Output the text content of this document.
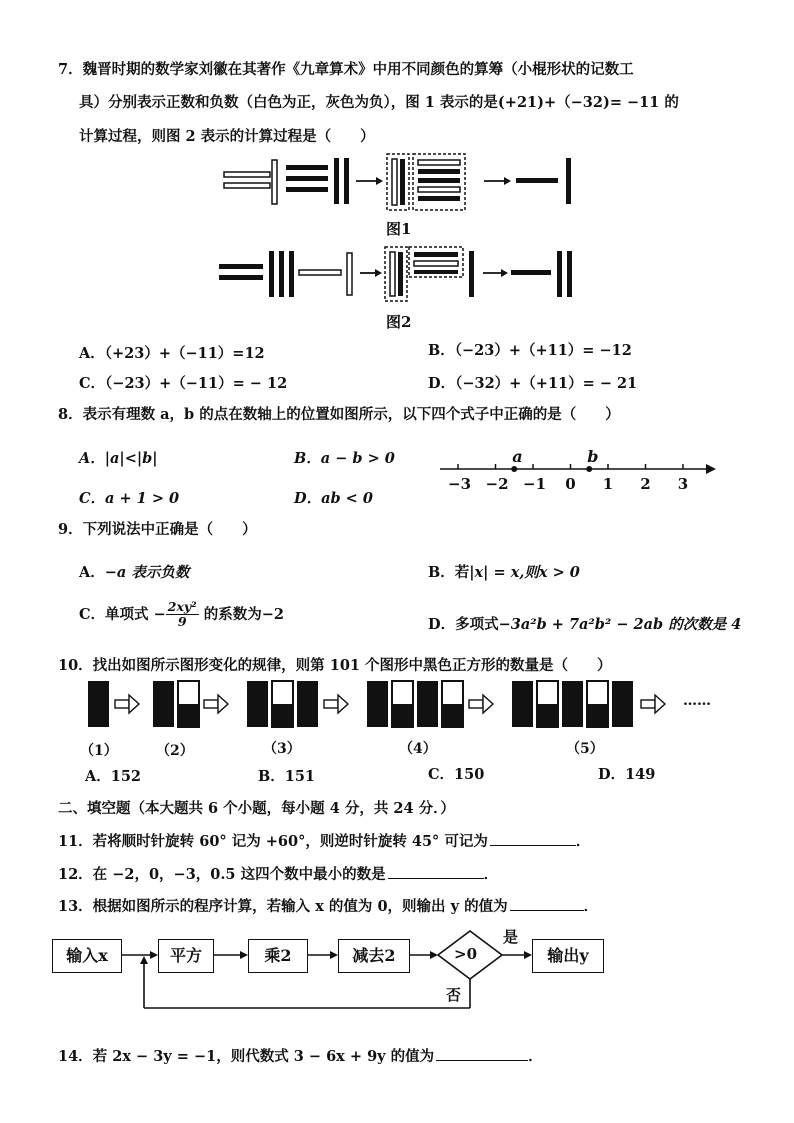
7．魏晋时期的数学家刘徽在其著作《九章算术》中用不同颜色的算筹（小棍形状的记数工
具）分别表示正数和负数（白色为正，灰色为负），图 1 表示的是(+21)+（−32)= −11 的
计算过程，则图 2 表示的计算过程是（　　）
图1
图2
A．（+23）+（−11）=12	B．（−23）+（+11）= −12
C．（−23）+（−11）= − 12	D．（−32）+（+11）= − 21
8．表示有理数 a，b 的点在数轴上的位置如图所示，以下四个式子中正确的是（　　）
A．|a|<|b|	B．a − b > 0
C．a + 1 > 0	D．ab < 0
−3 −2 −1	0	1	2	3
a	b
9．下列说法中正确是（　　）
A．−a 表示负数	B．若|x| = x,则x > 0
C．单项式 − $\frac{\text{2xy²}}{9}$ 的系数为−2
D．多项式−3a²b + 7a²b² − 2ab 的次数是 4
10．找出如图所示图形变化的规律，则第 101 个图形中黑色正方形的数量是（　　）
……
（1）	（2）	（3）	（4）	（5）
A．152	B．151	C．150	D．149
二、填空题（本大题共 6 个小题，每小题 4 分，共 24 分．）
11．若将顺时针旋转 60° 记为 +60°，则逆时针旋转 45° 可记为	．
12．在 −2，0，−3，0.5 这四个数中最小的数是	．
13．根据如图所示的程序计算，若输入 x 的值为 0，则输出 y 的值为	．
输入x	平方	乘2	减去2	>0
是
否
输出y
14．若 2x − 3y = −1，则代数式 3 − 6x + 9y 的值为	．
